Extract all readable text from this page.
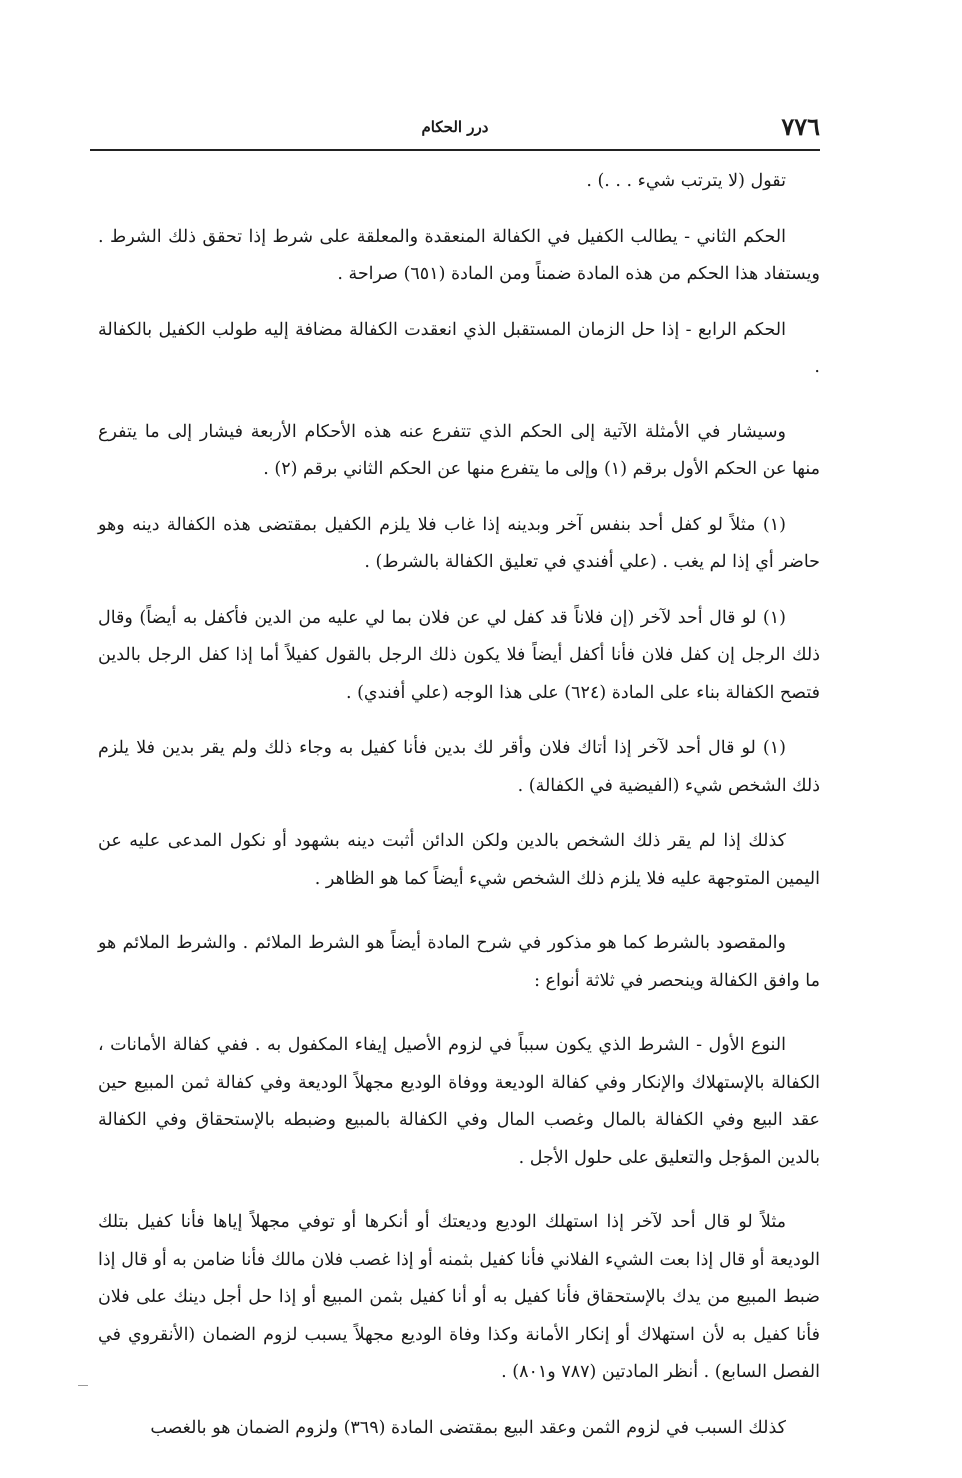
٧٧٦
درر الحكام

تقول (لا يترتب شيء . . .) .

الحكم الثاني - يطالب الكفيل في الكفالة المنعقدة والمعلقة على شرط إذا تحقق ذلك الشرط . ويستفاد هذا الحكم من هذه المادة ضمناً ومن المادة (٦٥١) صراحة .

الحكم الرابع - إذا حل الزمان المستقبل الذي انعقدت الكفالة مضافة إليه طولب الكفيل بالكفالة .

وسيشار في الأمثلة الآتية إلى الحكم الذي تتفرع عنه هذه الأحكام الأربعة فيشار إلى ما يتفرع منها عن الحكم الأول برقم (١) وإلى ما يتفرع منها عن الحكم الثاني برقم (٢) .

(١) مثلاً لو كفل أحد بنفس آخر وبدينه إذا غاب فلا يلزم الكفيل بمقتضى هذه الكفالة دينه وهو حاضر أي إذا لم يغب . (علي أفندي في تعليق الكفالة بالشرط) .

(١) لو قال أحد لآخر (إن فلاناً قد كفل لي عن فلان بما لي عليه من الدين فأكفل به أيضاً) وقال ذلك الرجل إن كفل فلان فأنا أكفل أيضاً فلا يكون ذلك الرجل بالقول كفيلاً أما إذا كفل الرجل بالدين فتصح الكفالة بناء على المادة (٦٢٤) على هذا الوجه (علي أفندي) .

(١) لو قال أحد لآخر إذا أتاك فلان وأقر لك بدين فأنا كفيل به وجاء ذلك ولم يقر بدين فلا يلزم ذلك الشخص شيء (الفيضية في الكفالة) .

كذلك إذا لم يقر ذلك الشخص بالدين ولكن الدائن أثبت دينه بشهود أو نكول المدعى عليه عن اليمين المتوجهة عليه فلا يلزم ذلك الشخص شيء أيضاً كما هو الظاهر .

والمقصود بالشرط كما هو مذكور في شرح المادة أيضاً هو الشرط الملائم . والشرط الملائم هو ما وافق الكفالة وينحصر في ثلاثة أنواع :

النوع الأول - الشرط الذي يكون سبباً في لزوم الأصيل إيفاء المكفول به . ففي كفالة الأمانات ، الكفالة بالإستهلاك والإنكار وفي كفالة الوديعة ووفاة الوديع مجهلاً الوديعة وفي كفالة ثمن المبيع حين عقد البيع وفي الكفالة بالمال وغصب المال وفي الكفالة بالمبيع وضبطه بالإستحقاق وفي الكفالة بالدين المؤجل والتعليق على حلول الأجل .

مثلاً لو قال أحد لآخر إذا استهلك الوديع وديعتك أو أنكرها أو توفي مجهلاً إياها فأنا كفيل بتلك الوديعة أو قال إذا بعت الشيء الفلاني فأنا كفيل بثمنه أو إذا غصب فلان مالك فأنا ضامن به أو قال إذا ضبط المبيع من يدك بالإستحقاق فأنا كفيل به أو أنا كفيل بثمن المبيع أو إذا حل أجل دينك على فلان فأنا كفيل به لأن استهلاك أو إنكار الأمانة وكذا وفاة الوديع مجهلاً يسبب لزوم الضمان (الأنقروي في الفصل السابع) . أنظر المادتين (٧٨٧ و٨٠١) .

كذلك السبب في لزوم الثمن وعقد البيع بمقتضى المادة (٣٦٩) ولزوم الضمان هو بالغصب
